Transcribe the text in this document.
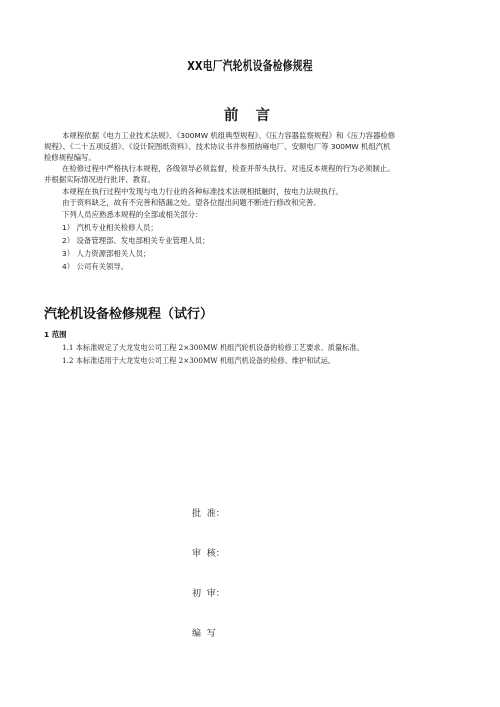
XX电厂汽轮机设备检修规程
前 言
本规程依据《电力工业技术法规》、《300MW 机组典型规程》、《压力容器监察规程》和《压力容器检修
规程》、《二十五项反措》、《设计院图纸资料》、技术协议书并参照纳雍电厂、安顺电厂等 300MW 机组汽机
检修规程编写。
在检修过程中严格执行本规程，各级领导必须监督，检查并带头执行。对违反本规程的行为必须制止。
并根据实际情况进行批评、教育。
本规程在执行过程中发现与电力行业的各种标准技术法规相抵触时，按电力法规执行。
由于资料缺乏，故有不完善和错漏之处。望各位提出问题不断进行修改和完善。
下列人员应熟悉本规程的全部或相关部分：
1） 汽机专业相关检修人员；
2） 设备管理部、发电部相关专业管理人员；
3） 人力资源部相关人员；
4） 公司有关领导。
汽轮机设备检修规程（试行）
1 范围
1.1 本标准规定了大龙发电公司工程 2×300MW 机组汽轮机设备的检修工艺要求、质量标准。
1.2 本标准适用于大龙发电公司工程 2×300MW 机组汽机设备的检修、维护和试运。
批  准：
审  核：
初  审：
编  写
